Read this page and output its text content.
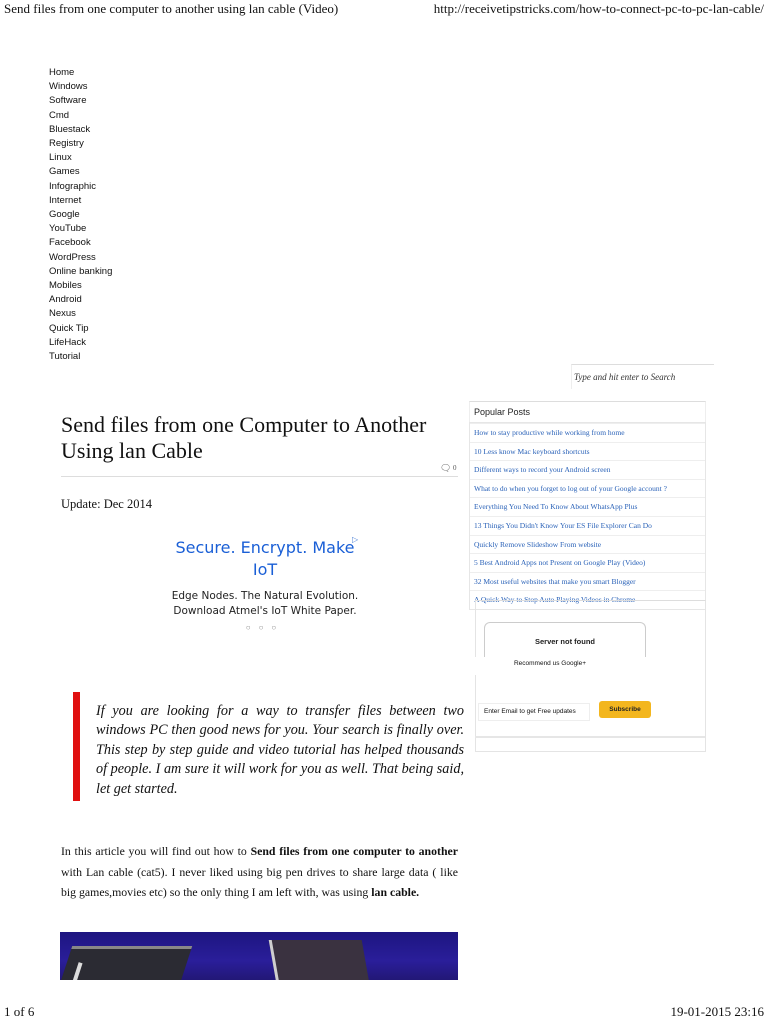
Send files from one computer to another using lan cable (Video)	http://receivetipstricks.com/how-to-connect-pc-to-pc-lan-cable/
Home
Windows
Software
Cmd
Bluestack
Registry
Linux
Games
Infographic
Internet
Google
YouTube
Facebook
WordPress
Online banking
Mobiles
Android
Nexus
Quick Tip
LifeHack
Tutorial
Type and hit enter to Search
Send files from one Computer to Another Using lan Cable
🗨 0
Update: Dec 2014
Secure. Encrypt. Make IoT
Edge Nodes. The Natural Evolution. Download Atmel's IoT White Paper.
○○○
▷
If you are looking for a way to transfer files between two windows PC then good news for you. Your search is finally over. This step by step guide and video tutorial has helped thousands of people. I am sure it will work for you as well. That being said, let get started.

In this article you will find out how to Send files from one computer to another with Lan cable (cat5). I never liked using big pen drives to share large data ( like big games,movies etc) so the only thing I am left with, was using lan cable.

Popular Posts
How to stay productive while working from home
10 Less know Mac keyboard shortcuts
Different ways to record your Android screen
What to do when you forget to log out of your Google account ?
Everything You Need To Know About WhatsApp Plus
13 Things You Didn't Know Your ES File Explorer Can Do
Quickly Remove Slideshow From website
5 Best Android Apps not Present on Google Play (Video)
32 Most useful websites that make you smart Blogger
A Quick Way to Stop Auto Playing Videos in Chrome
Server not found
Recommend us Google+
Enter Email to get Free updates
Subscribe
1 of 6	19-01-2015 23:16
